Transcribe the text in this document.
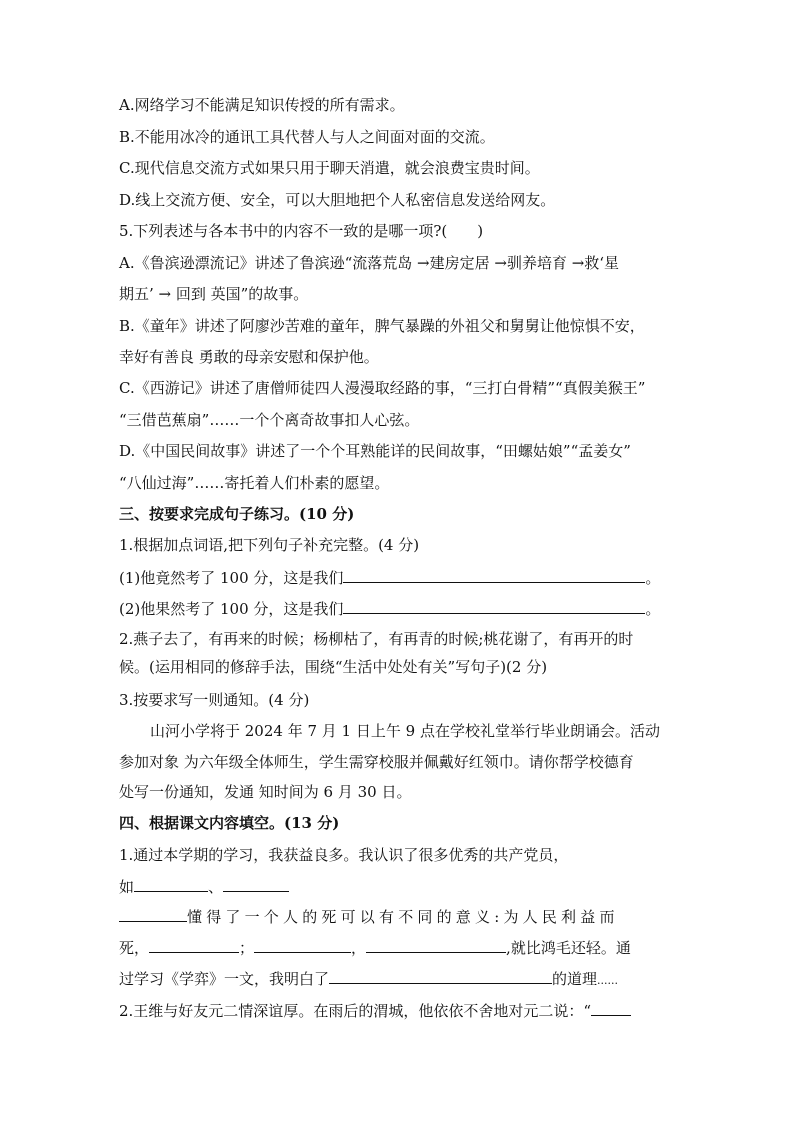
A.网络学习不能满足知识传授的所有需求。
B.不能用冰冷的通讯工具代替人与人之间面对面的交流。
C.现代信息交流方式如果只用于聊天消遣，就会浪费宝贵时间。
D.线上交流方便、安全，可以大胆地把个人私密信息发送给网友。
5.下列表述与各本书中的内容不一致的是哪一项?(　　)
A.《鲁滨逊漂流记》讲述了鲁滨逊“流落荒岛 →建房定居 →驯养培育 →救‘星
期五’ → 回到 英国”的故事。
B.《童年》讲述了阿廖沙苦难的童年，脾气暴躁的外祖父和舅舅让他惊惧不安，
幸好有善良 勇敢的母亲安慰和保护他。
C.《西游记》讲述了唐僧师徒四人漫漫取经路的事，“三打白骨精”“真假美猴王”
“三借芭蕉扇”……一个个离奇故事扣人心弦。
D.《中国民间故事》讲述了一个个耳熟能详的民间故事，“田螺姑娘”“孟姜女”
“八仙过海”……寄托着人们朴素的愿望。
三、按要求完成句子练习。(10 分)
1.根据加点词语,把下列句子补充完整。(4 分)
(1)他竟然考了 100 分，这是我们	。
(2)他果然考了 100 分，这是我们	。
2.燕子去了，有再来的时候；杨柳枯了，有再青的时候;桃花谢了，有再开的时
候。(运用相同的修辞手法，围绕“生活中处处有关”写句子)(2 分)
3.按要求写一则通知。(4 分)
山河小学将于 2024 年 7 月 1 日上午 9 点在学校礼堂举行毕业朗诵会。活动
参加对象 为六年级全体师生，学生需穿校服并佩戴好红领巾。请你帮学校德育
处写一份通知，发通 知时间为 6 月 30 日。
四、根据课文内容填空。(13 分)
1.通过本学期的学习，我获益良多。我认识了很多优秀的共产党员，
如	、
懂得了一个人的死可以有不同的意义:为人民利益而
死，	；	，	,就比鸿毛还轻。通
过学习《学弈》一文，我明白了	的道理......
2.王维与好友元二情深谊厚。在雨后的渭城，他依依不舍地对元二说：“
